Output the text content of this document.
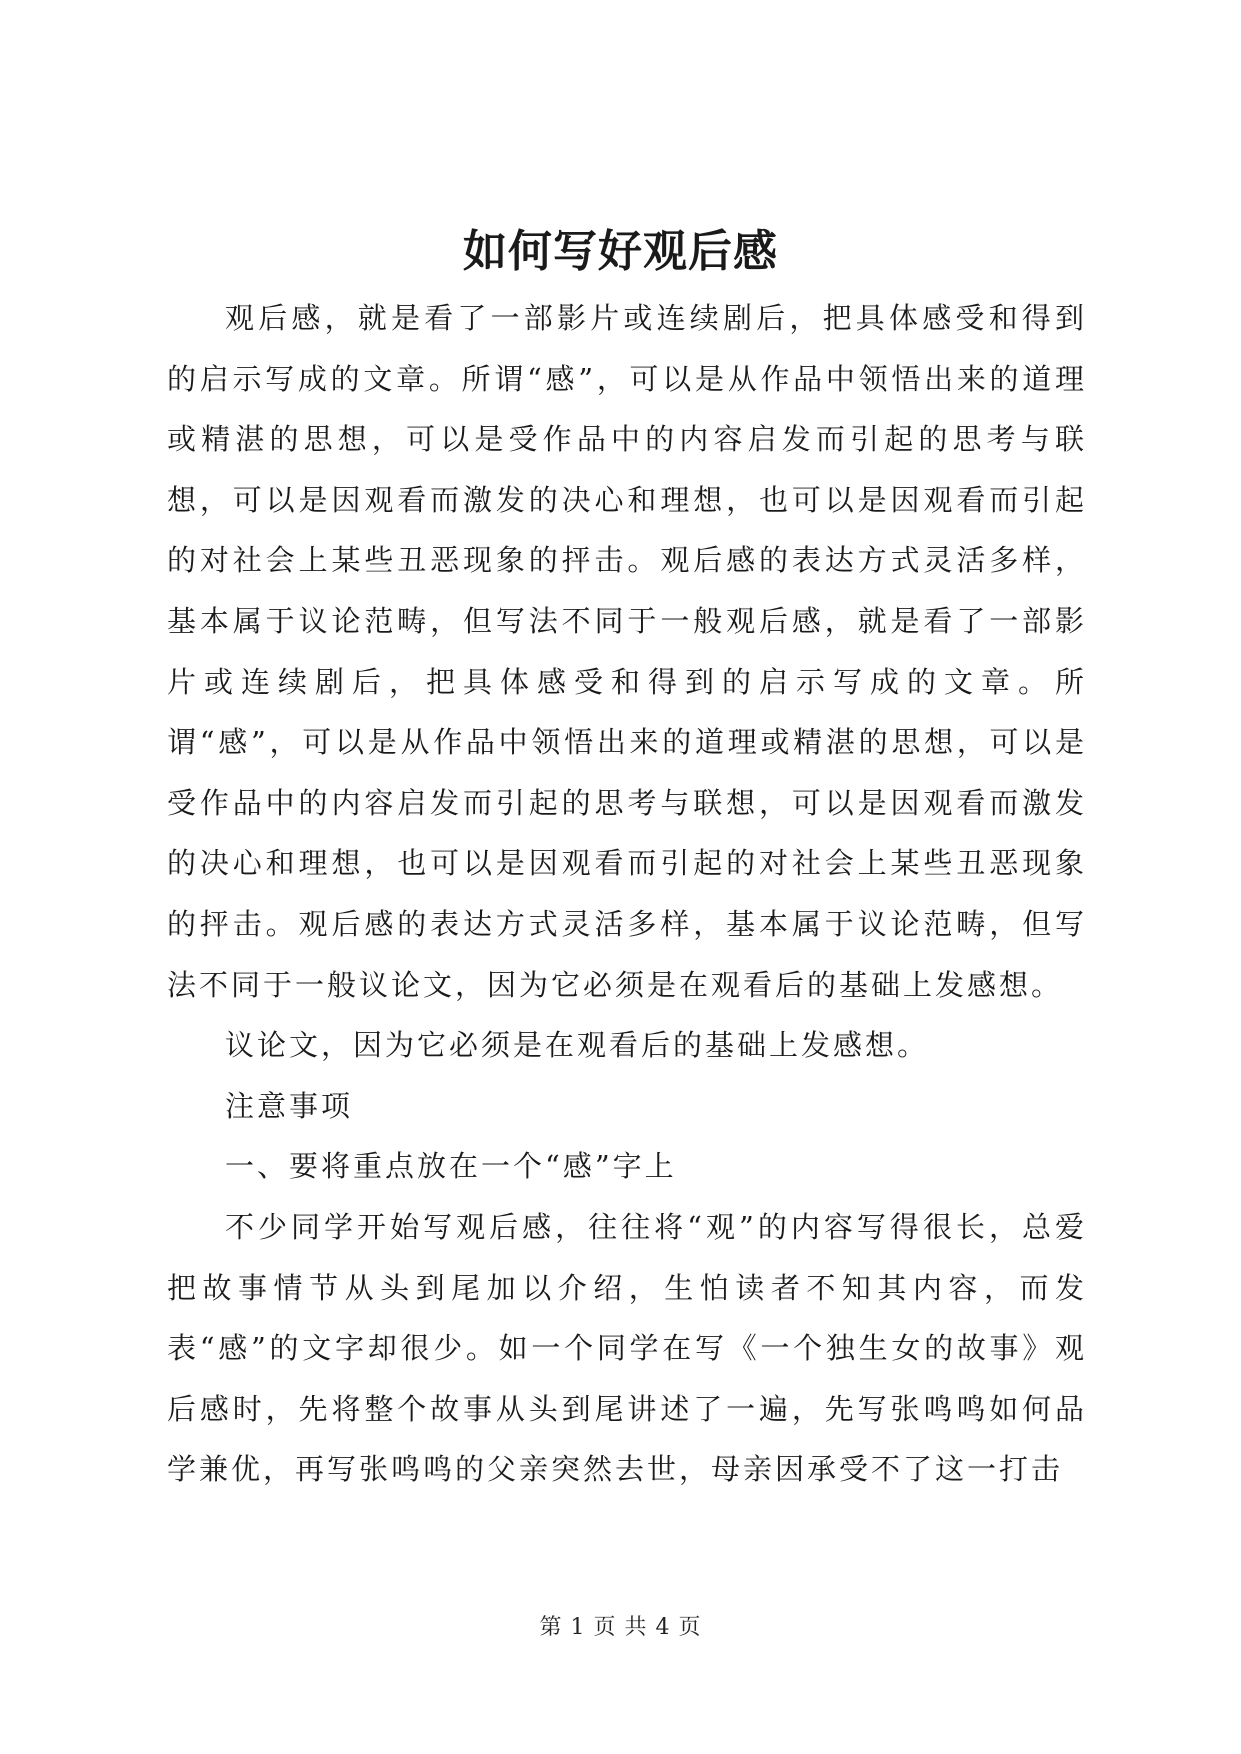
如何写好观后感

观后感，就是看了一部影片或连续剧后，把具体感受和得到的启示写成的文章。所谓“感”，可以是从作品中领悟出来的道理或精湛的思想，可以是受作品中的内容启发而引起的思考与联想，可以是因观看而激发的决心和理想，也可以是因观看而引起的对社会上某些丑恶现象的抨击。观后感的表达方式灵活多样，基本属于议论范畴，但写法不同于一般观后感，就是看了一部影片或连续剧后，把具体感受和得到的启示写成的文章。所谓“感”，可以是从作品中领悟出来的道理或精湛的思想，可以是受作品中的内容启发而引起的思考与联想，可以是因观看而激发的决心和理想，也可以是因观看而引起的对社会上某些丑恶现象的抨击。观后感的表达方式灵活多样，基本属于议论范畴，但写法不同于一般议论文，因为它必须是在观看后的基础上发感想。

议论文，因为它必须是在观看后的基础上发感想。

注意事项

一、要将重点放在一个“感”字上

不少同学开始写观后感，往往将“观”的内容写得很长，总爱把故事情节从头到尾加以介绍，生怕读者不知其内容，而发表“感”的文字却很少。如一个同学在写《一个独生女的故事》观后感时，先将整个故事从头到尾讲述了一遍，先写张鸣鸣如何品学兼优，再写张鸣鸣的父亲突然去世，母亲因承受不了这一打击

第 1 页 共 4 页
